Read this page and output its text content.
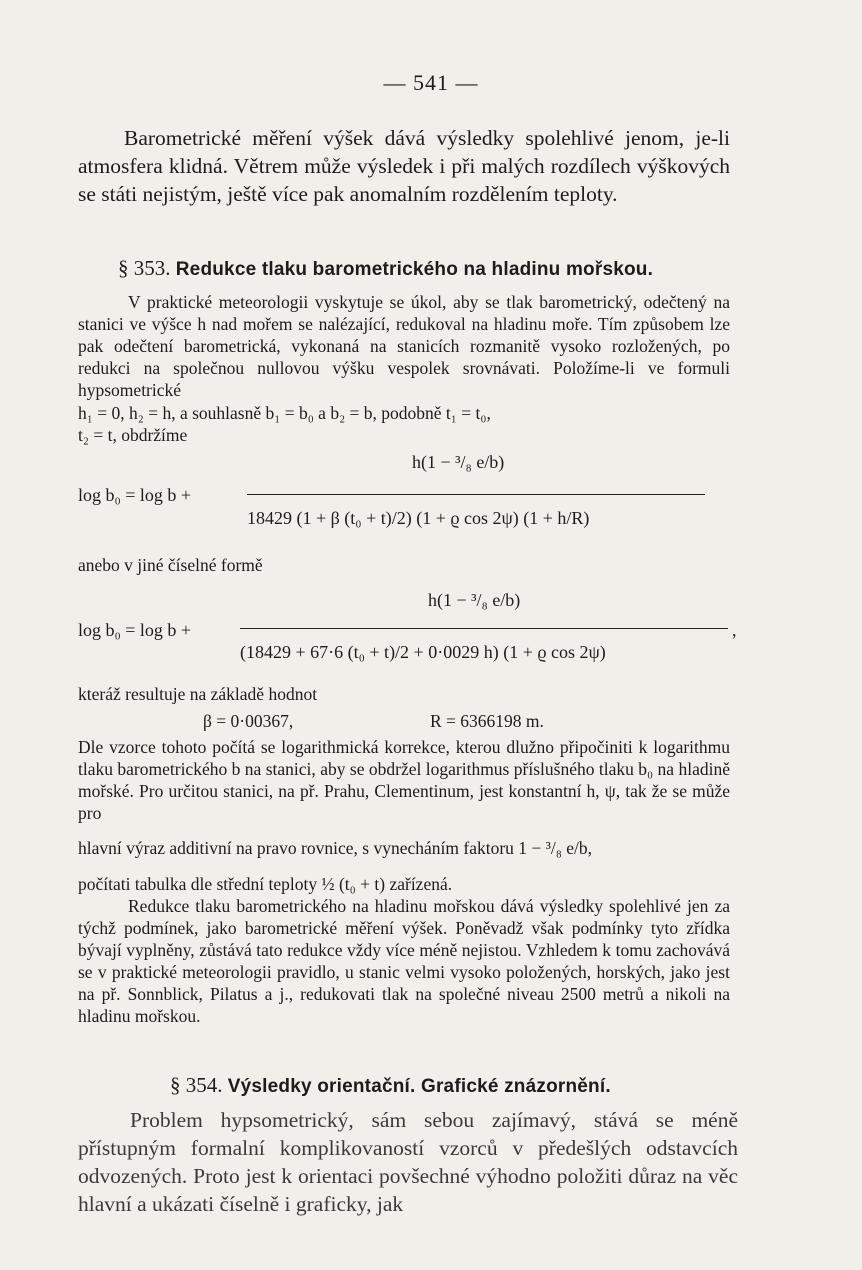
— 541 —
Barometrické měření výšek dává výsledky spolehlivé jenom, je-li atmosfera klidná. Větrem může výsledek i při malých rozdílech výškových se státi nejistým, ještě více pak anomalním rozdělením teploty.
§ 353. Redukce tlaku barometrického na hladinu mořskou.
V praktické meteorologii vyskytuje se úkol, aby se tlak barometrický, odečtený na stanici ve výšce h nad mořem se nalézající, redukoval na hladinu moře. Tím způsobem lze pak odečtení barometrická, vykonaná na stanicích rozmanitě vysoko rozložených, po redukci na společnou nullovou výšku vespolek srovnávati. Položíme-li ve formuli hypsometrické
h₁ = 0, h₂ = h, a souhlasně b₁ = b₀ a b₂ = b, podobně t₁ = t₀,
t₂ = t, obdržíme
log b₀ = log b +
h(1 − ³/₈ e/b)
18429 (1 + β (t₀ + t)/2) (1 + ϱ cos 2ψ) (1 + h/R)
anebo v jiné číselné formě
log b₀ = log b +
h(1 − ³/₈ e/b)
(18429 + 67·6 (t₀ + t)/2 + 0·0029 h) (1 + ϱ cos 2ψ)
,
kteráž resultuje na základě hodnot
β = 0·00367,	R = 6366198 m.
Dle vzorce tohoto počítá se logarithmická korrekce, kterou dlužno připočiniti k logarithmu tlaku barometrického b na stanici, aby se obdržel logarithmus příslušného tlaku b₀ na hladině mořské. Pro určitou stanici, na př. Prahu, Clementinum, jest konstantní h, ψ, tak že se může pro
hlavní výraz additivní na pravo rovnice, s vynecháním faktoru 1 − ³/₈ e/b,
počítati tabulka dle střední teploty ½ (t₀ + t) zařízená.
Redukce tlaku barometrického na hladinu mořskou dává výsledky spolehlivé jen za týchž podmínek, jako barometrické měření výšek. Poněvadž však podmínky tyto zřídka bývají vyplněny, zůstává tato redukce vždy více méně nejistou. Vzhledem k tomu zachovává se v praktické meteorologii pravidlo, u stanic velmi vysoko položených, horských, jako jest na př. Sonnblick, Pilatus a j., redukovati tlak na společné niveau 2500 metrů a nikoli na hladinu mořskou.
§ 354. Výsledky orientační. Grafické znázornění.
Problem hypsometrický, sám sebou zajímavý, stává se méně přístupným formalní komplikovaností vzorců v předešlých odstavcích odvozených. Proto jest k orientaci povšechné výhodno položiti důraz na věc hlavní a ukázati číselně i graficky, jak
